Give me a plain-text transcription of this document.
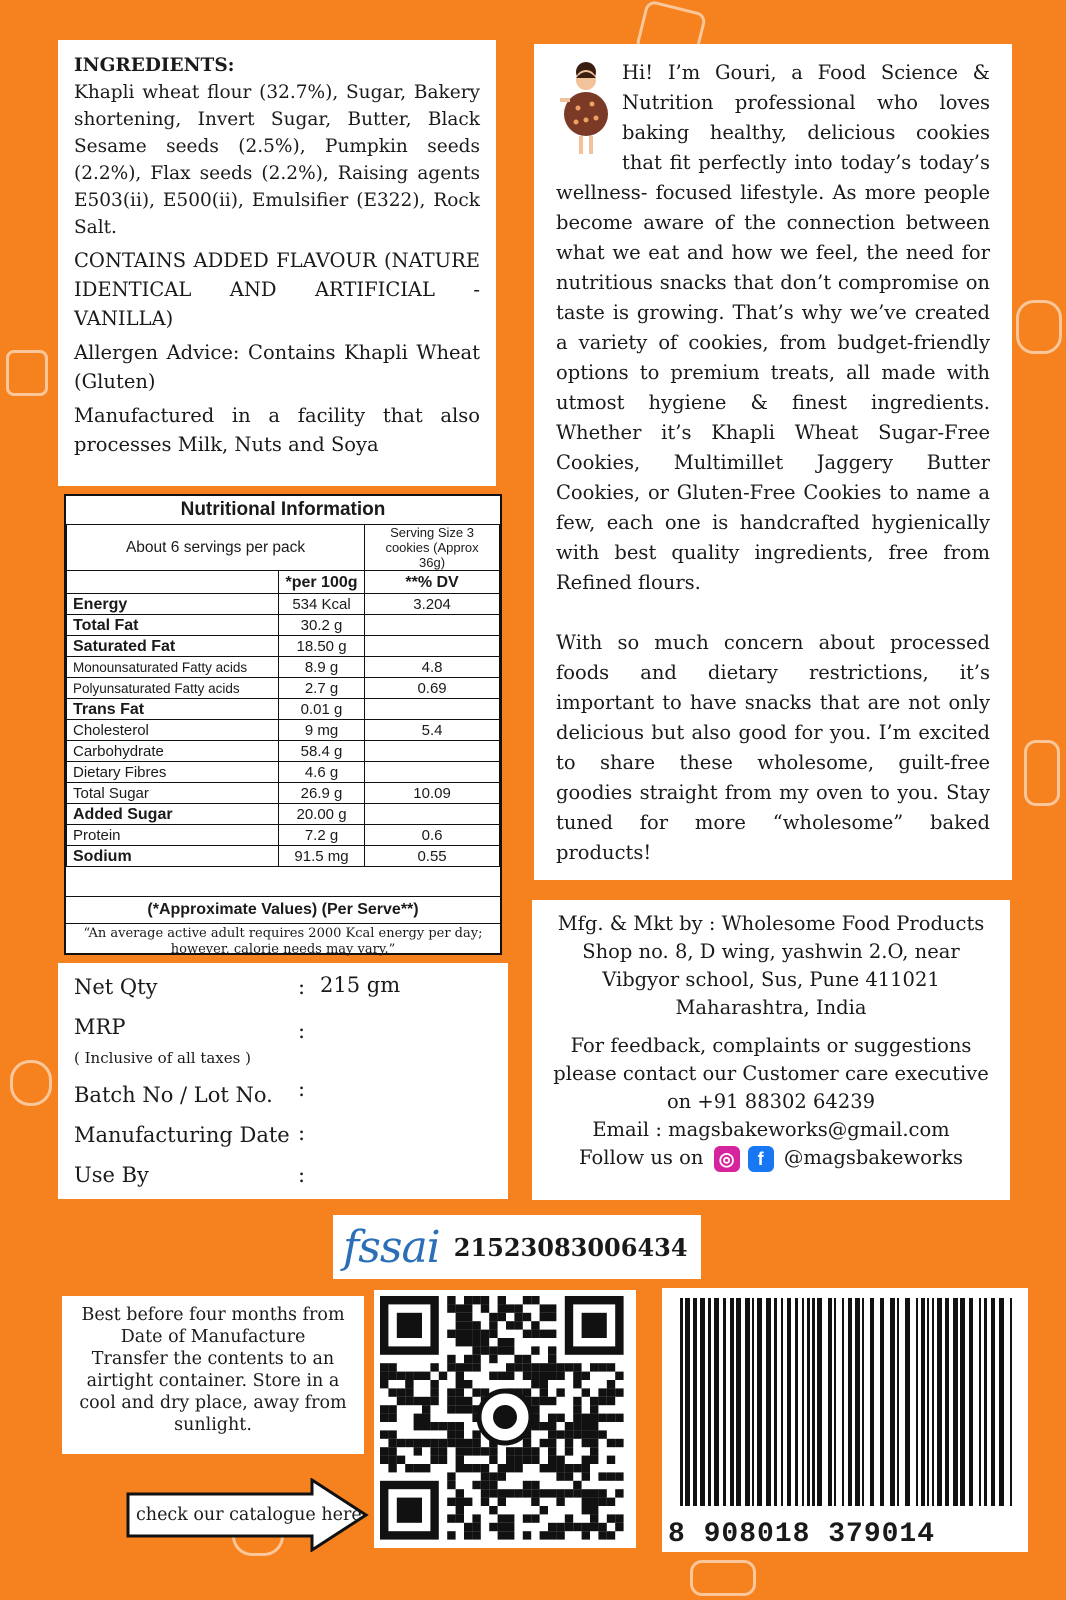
INGREDIENTS:
Khapli wheat flour (32.7%), Sugar, Bakery shortening, Invert Sugar, Butter, Black Sesame seeds (2.5%), Pumpkin seeds (2.2%), Flax seeds (2.2%), Raising agents E503(ii), E500(ii), Emulsifier (E322), Rock Salt.

CONTAINS ADDED FLAVOUR (NATURE IDENTICAL AND ARTIFICIAL - VANILLA)

Allergen Advice: Contains Khapli Wheat (Gluten)

Manufactured in a facility that also processes Milk, Nuts and Soya

Nutritional Information
About 6 servings per pack		Serving Size 3 cookies (Approx 36g)
	*per 100g	**% DV
Energy	534 Kcal	3.204
Total Fat	30.2 g	
Saturated Fat	18.50 g	
Monounsaturated Fatty acids	8.9 g	4.8
Polyunsaturated Fatty acids	2.7 g	0.69
Trans Fat	0.01 g	
Cholesterol	9 mg	5.4
Carbohydrate	58.4 g	
Dietary Fibres	4.6 g	
Total Sugar	26.9 g	10.09
Added Sugar	20.00 g	
Protein	7.2 g	0.6
Sodium	91.5 mg	0.55
(*Approximate Values) (Per Serve**)
“An average active adult requires 2000 Kcal energy per day; however, calorie needs may vary.”
Net Qty	: 215 gm
MRP	:
( Inclusive of all taxes )
Batch No / Lot No. :
Manufacturing Date :
Use By	:

Hi! I’m Gouri, a Food Science & Nutrition professional who loves baking healthy, delicious cookies that fit perfectly into today’s today’s wellness- focused lifestyle. As more people become aware of the connection between what we eat and how we feel, the need for nutritious snacks that don’t compromise on taste is growing. That’s why we’ve created a variety of cookies, from budget-friendly options to premium treats, all made with utmost hygiene & finest ingredients. Whether it’s Khapli Wheat Sugar-Free Cookies, Multimillet Jaggery Butter Cookies, or Gluten-Free Cookies to name a few, each one is handcrafted hygienically with best quality ingredients, free from Refined flours.

With so much concern about processed foods and dietary restrictions, it’s important to have snacks that are not only delicious but also good for you. I’m excited to share these wholesome, guilt-free goodies straight from my oven to you. Stay tuned for more “wholesome” baked products!

Mfg. & Mkt by : Wholesome Food Products Shop no. 8, D wing, yashwin 2.O, near Vibgyor school, Sus, Pune 411021 Maharashtra, India

For feedback, complaints or suggestions please contact our Customer care executive on +91 88302 64239

Email : magsbakeworks@gmail.com

Follow us on ◎ f @magsbakeworks

fssai 21523083006434

Best before four months from Date of Manufacture

Transfer the contents to an airtight container. Store in a cool and dry place, away from sunlight.

check our catalogue here
8 908018 379014
